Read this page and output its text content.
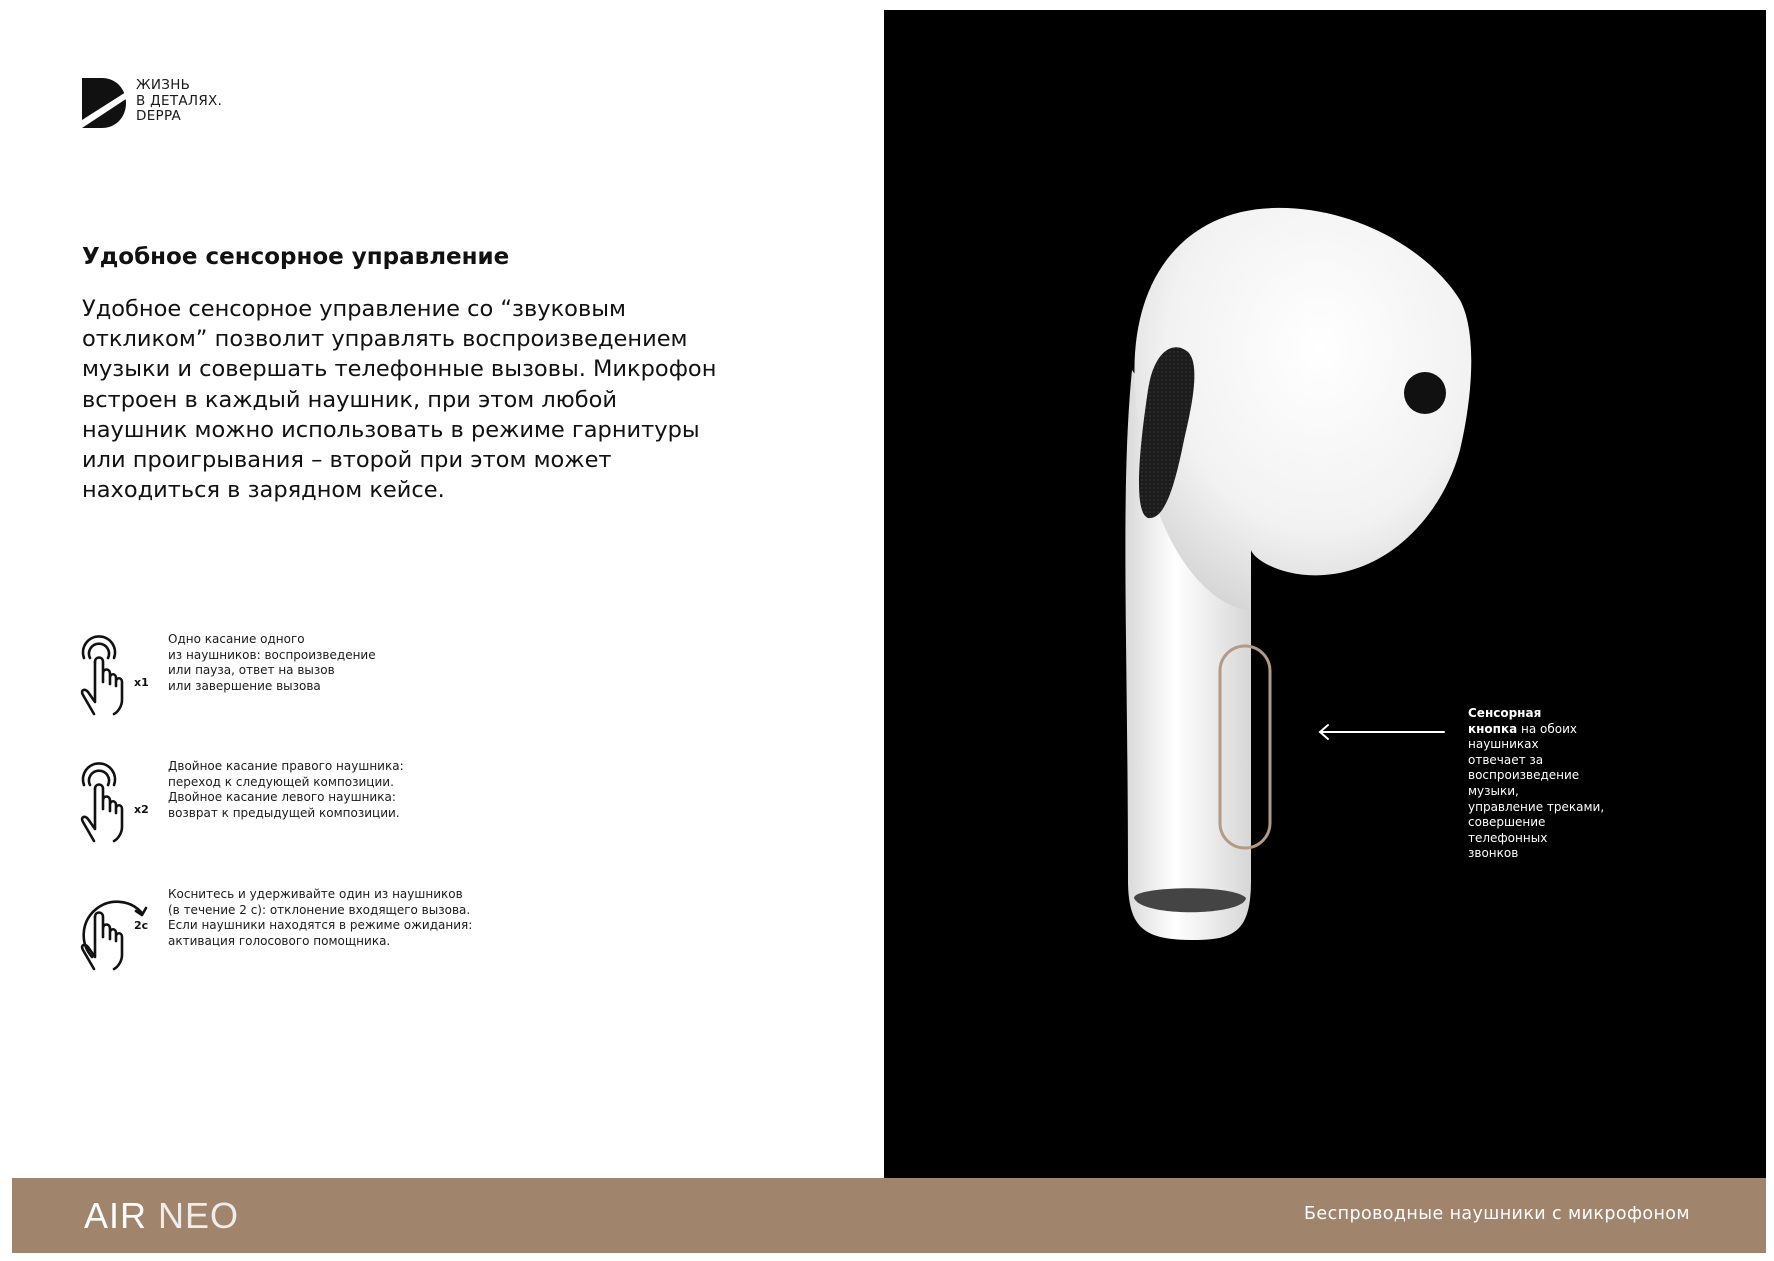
ЖИЗНЬ
В ДЕТАЛЯХ.
DEPPA
Удобное сенсорное управление

Удобное сенсорное управление со “звуковым откликом” позволит управлять воспроизведением музыки и совершать телефонные вызовы. Микрофон встроен в каждый наушник, при этом любой наушник можно использовать в режиме гарнитуры или проигрывания – второй при этом может находиться в зарядном кейсе.

x1
Одно касание одного
из наушников: воспроизведение
или пауза, ответ на вызов
или завершение вызова
x2
Двойное касание правого наушника:
переход к следующей композиции.
Двойное касание левого наушника:
возврат к предыдущей композиции.
2c
Коснитесь и удерживайте один из наушников
(в течение 2 с): отклонение входящего вызова.
Если наушники находятся в режиме ожидания:
активация голосового помощника.

Сенсорная
кнопка на обоих
наушниках
отвечает за
воспроизведение
музыки,
управление треками,
совершение
телефонных
звонков

AIR NEO	Беспроводные наушники с микрофоном
